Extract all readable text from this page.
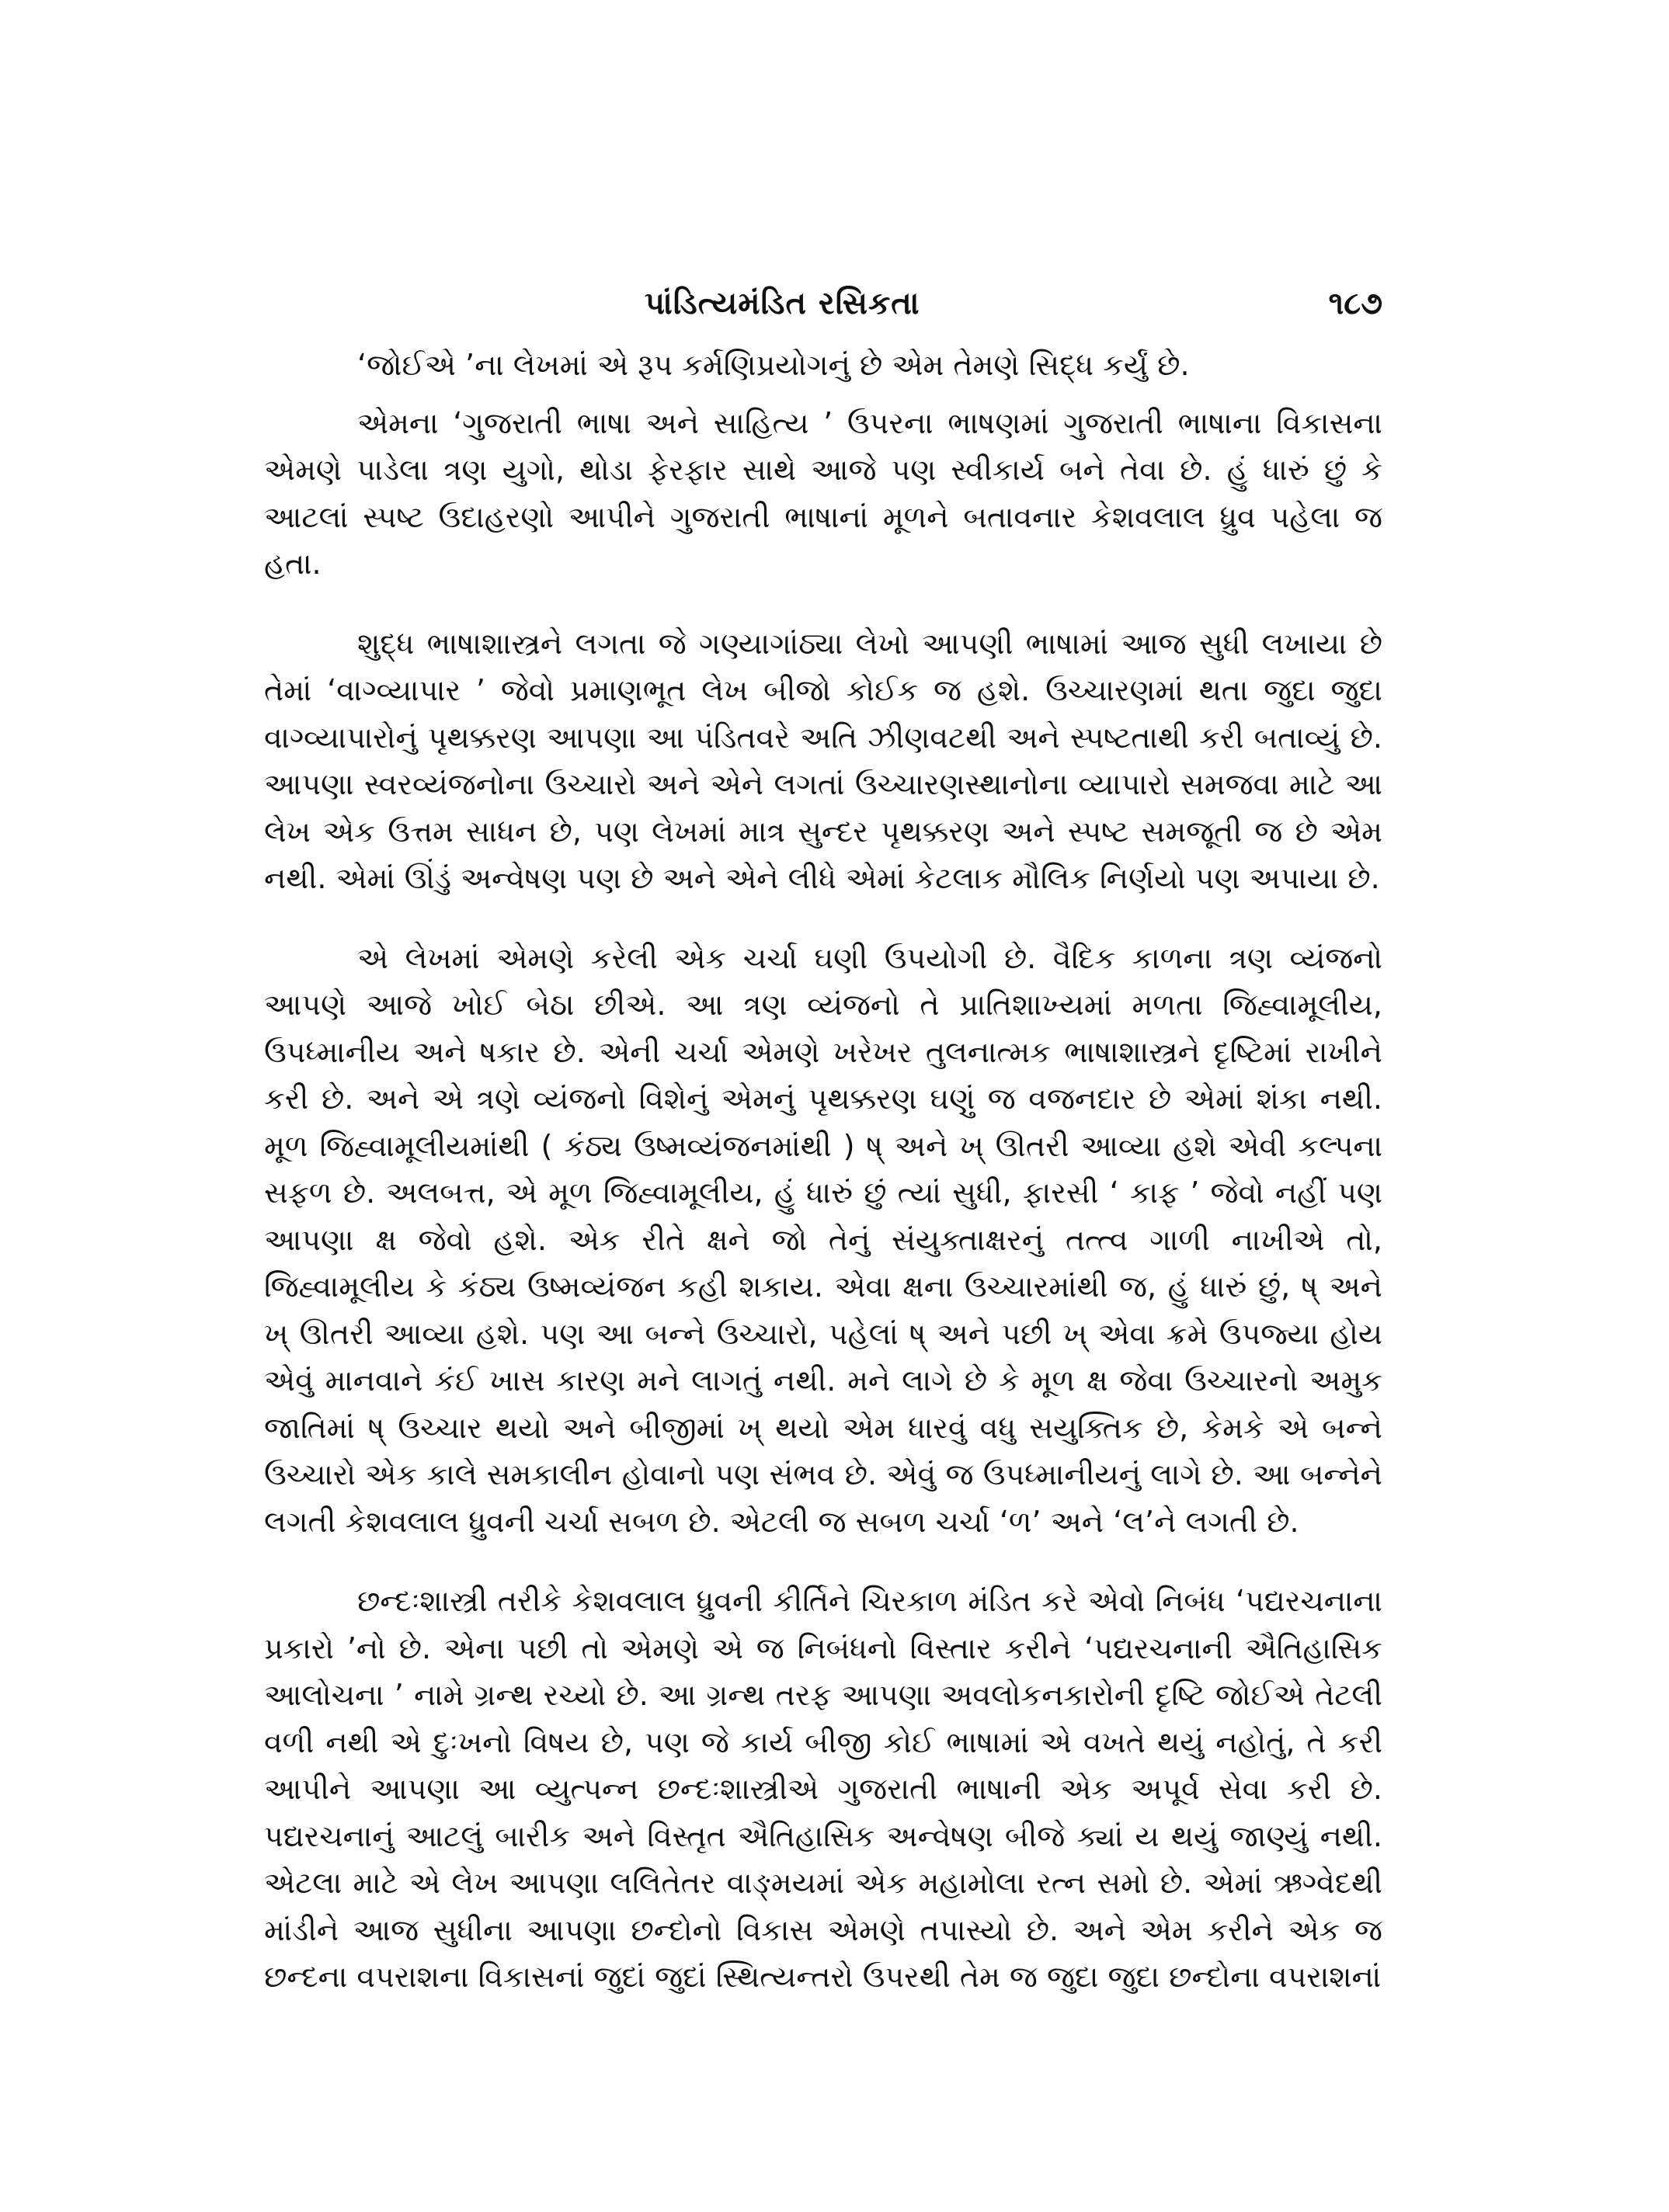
પાંડિત્યમંડિત રસિકતા	૧૮૭

‘જોઈએ ’ના લેખમાં એ રૂપ કર્મણિપ્રયોગનું છે એમ તેમણે સિદ્ધ કર્યું છે.

એમના ‘ગુજરાતી ભાષા અને સાહિત્ય ’ ઉપરના ભાષણમાં ગુજરાતી ભાષાના વિકાસના એમણે પાડેલા ત્રણ યુગો, થોડા ફેરફાર સાથે આજે પણ સ્વીકાર્ય બને તેવા છે. હું ધારું છું કે આટલાં સ્પષ્ટ ઉદાહરણો આપીને ગુજરાતી ભાષાનાં મૂળને બતાવનાર કેશવલાલ ધ્રુવ પહેલા જ હતા.

શુદ્ધ ભાષાશાસ્ત્રને લગતા જે ગણ્યાગાંઠ્યા લેખો આપણી ભાષામાં આજ સુધી લખાયા છે તેમાં ‘વાગ્વ્યાપાર ’ જેવો પ્રમાણભૂત લેખ બીજો કોઈક જ હશે. ઉચ્ચારણમાં થતા જુદા જુદા વાગ્વ્યાપારોનું પૃથક્કરણ આપણા આ પંડિતવરે અતિ ઝીણવટથી અને સ્પષ્ટતાથી કરી બતાવ્યું છે. આપણા સ્વરવ્યંજનોના ઉચ્ચારો અને એને લગતાં ઉચ્ચારણસ્થાનોના વ્યાપારો સમજવા માટે આ લેખ એક ઉત્તમ સાધન છે, પણ લેખમાં માત્ર સુન્દર પૃથક્કરણ અને સ્પષ્ટ સમજૂતી જ છે એમ નથી. એમાં ઊંડું અન્વેષણ પણ છે અને એને લીધે એમાં કેટલાક મૌલિક નિર્ણયો પણ અપાયા છે.

એ લેખમાં એમણે કરેલી એક ચર્ચા ઘણી ઉપયોગી છે. વૈદિક કાળના ત્રણ વ્યંજનો આપણે આજે ખોઈ બેઠા છીએ. આ ત્રણ વ્યંજનો તે પ્રાતિશાખ્યમાં મળતા જિહ્વામૂલીય, ઉપધ્માનીય અને ષકાર છે. એની ચર્ચા એમણે ખરેખર તુલનાત્મક ભાષાશાસ્ત્રને દૃષ્ટિમાં રાખીને કરી છે. અને એ ત્રણે વ્યંજનો વિશેનું એમનું પૃથક્કરણ ઘણું જ વજનદાર છે એમાં શંકા નથી. મૂળ જિહ્વામૂલીયમાંથી ( કંઠ્ય ઉષ્મવ્યંજનમાંથી ) ષ્ અને ખ્ ઊતરી આવ્યા હશે એવી કલ્પના સફળ છે. અલબત્ત, એ મૂળ જિહ્વામૂલીય, હું ધારું છું ત્યાં સુધી, ફારસી ‘ કાફ ’ જેવો નહીં પણ આપણા ક્ષ જેવો હશે. એક રીતે ક્ષને જો તેનું સંયુક્તાક્ષરનું તત્ત્વ ગાળી નાખીએ તો, જિહ્વામૂલીય કે કંઠ્ય ઉષ્મવ્યંજન કહી શકાય. એવા ક્ષના ઉચ્ચારમાંથી જ, હું ધારું છું, ષ્ અને ખ્ ઊતરી આવ્યા હશે. પણ આ બન્ને ઉચ્ચારો, પહેલાં ષ્ અને પછી ખ્ એવા ક્રમે ઉપજ્યા હોય એવું માનવાને કંઈ ખાસ કારણ મને લાગતું નથી. મને લાગે છે કે મૂળ ક્ષ જેવા ઉચ્ચારનો અમુક જાતિમાં ષ્ ઉચ્ચાર થયો અને બીજીમાં ખ્ થયો એમ ધારવું વધુ સયુક્તિક છે, કેમકે એ બન્ને ઉચ્ચારો એક કાલે સમકાલીન હોવાનો પણ સંભવ છે. એવું જ ઉપધ્માનીયનું લાગે છે. આ બન્નેને લગતી કેશવલાલ ધ્રુવની ચર્ચા સબળ છે. એટલી જ સબળ ચર્ચા ‘ળ’ અને ‘લ’ને લગતી છે.

છન્દઃશાસ્ત્રી તરીકે કેશવલાલ ધ્રુવની કીર્તિને ચિરકાળ મંડિત કરે એવો નિબંધ ‘પદ્યરચનાના પ્રકારો ’નો છે. એના પછી તો એમણે એ જ નિબંધનો વિસ્તાર કરીને ‘પદ્યરચનાની ઐતિહાસિક આલોચના ’ નામે ગ્રન્થ રચ્યો છે. આ ગ્રન્થ તરફ આપણા અવલોકનકારોની દૃષ્ટિ જોઈએ તેટલી વળી નથી એ દુઃખનો વિષય છે, પણ જે કાર્ય બીજી કોઈ ભાષામાં એ વખતે થયું નહોતું, તે કરી આપીને આપણા આ વ્યુત્પન્ન છન્દઃશાસ્ત્રીએ ગુજરાતી ભાષાની એક અપૂર્વ સેવા કરી છે. પદ્યરચનાનું આટલું બારીક અને વિસ્તૃત ઐતિહાસિક અન્વેષણ બીજે ક્યાં ય થયું જાણ્યું નથી. એટલા માટે એ લેખ આપણા લલિતેતર વાઙ્મયમાં એક મહામોલા રત્ન સમો છે. એમાં ઋગ્વેદથી માંડીને આજ સુધીના આપણા છન્દોનો વિકાસ એમણે તપાસ્યો છે. અને એમ કરીને એક જ છન્દના વપરાશના વિકાસનાં જુદાં જુદાં સ્થિત્યન્તરો ઉપરથી તેમ જ જુદા જુદા છન્દોના વપરાશનાં
